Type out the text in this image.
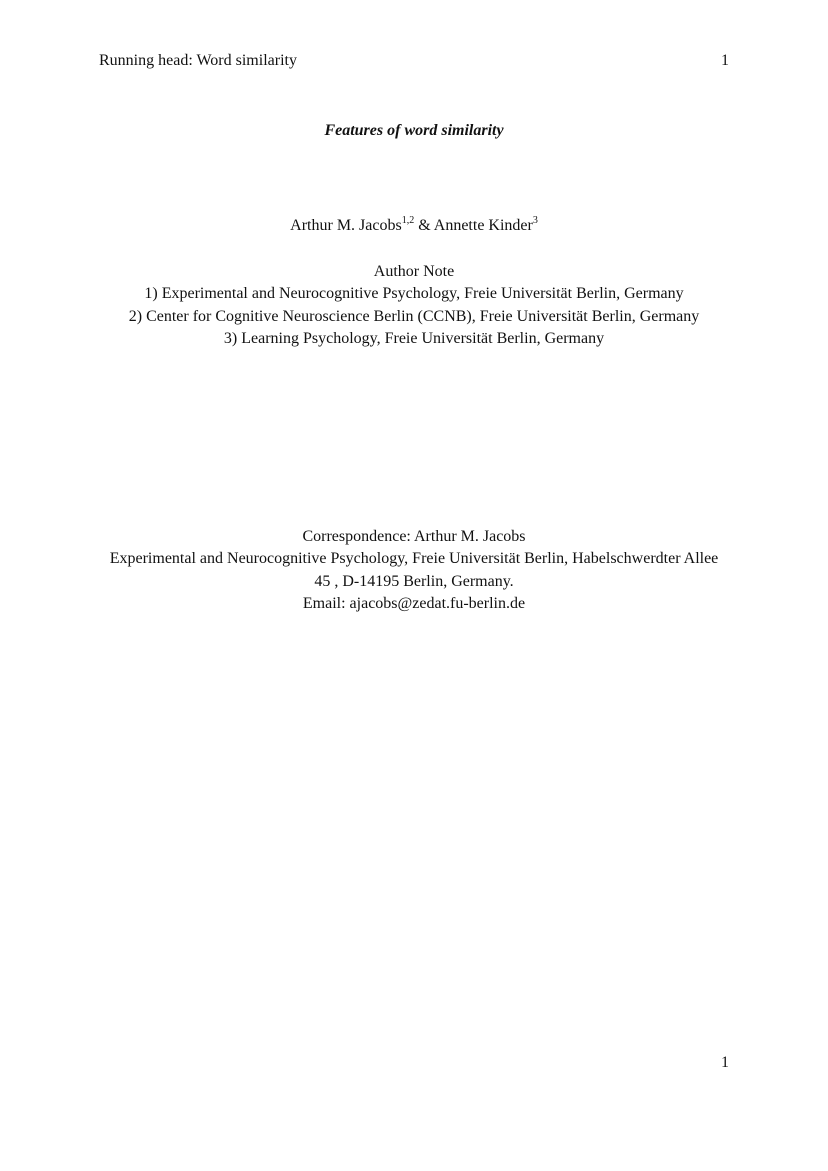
Running head: Word similarity	1
Features of word similarity
Arthur M. Jacobs$^{1,2}$ & Annette Kinder$^3$
Author Note
1) Experimental and Neurocognitive Psychology, Freie Universität Berlin, Germany
2) Center for Cognitive Neuroscience Berlin (CCNB), Freie Universität Berlin, Germany
3) Learning Psychology, Freie Universität Berlin, Germany
Correspondence: Arthur M. Jacobs
Experimental and Neurocognitive Psychology, Freie Universität Berlin, Habelschwerdter Allee
45 , D-14195 Berlin, Germany.
Email: ajacobs@zedat.fu-berlin.de
1
